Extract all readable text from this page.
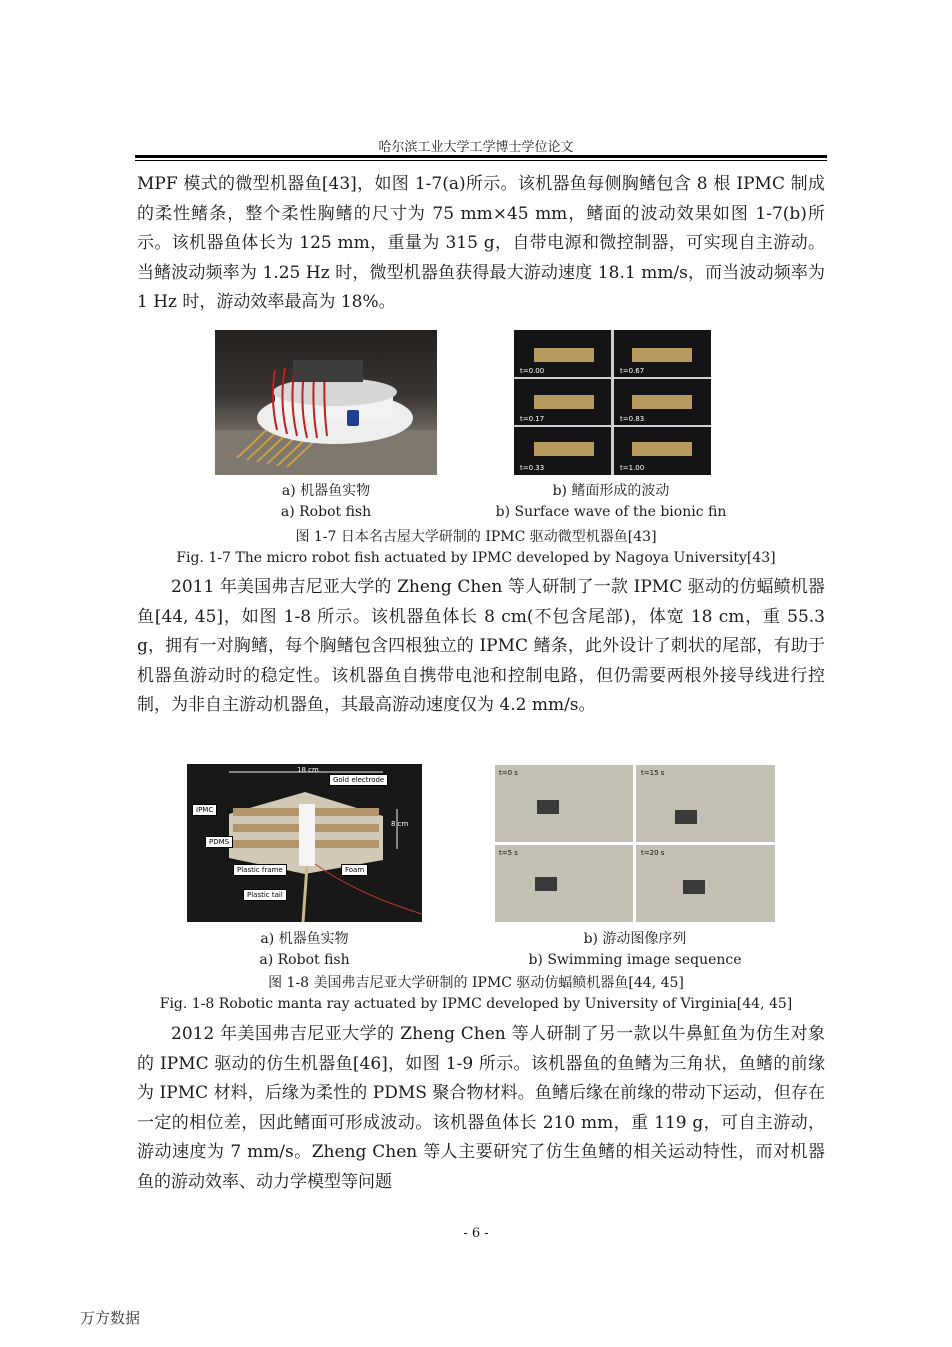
哈尔滨工业大学工学博士学位论文

MPF 模式的微型机器鱼[43]，如图 1-7(a)所示。该机器鱼每侧胸鳍包含 8 根 IPMC 制成的柔性鳍条，整个柔性胸鳍的尺寸为 75 mm×45 mm，鳍面的波动效果如图 1-7(b)所示。该机器鱼体长为 125 mm，重量为 315 g，自带电源和微控制器，可实现自主游动。当鳍波动频率为 1.25 Hz 时，微型机器鱼获得最大游动速度 18.1 mm/s，而当波动频率为 1 Hz 时，游动效率最高为 18%。

t=0.00	t=0.67
t=0.17	t=0.83
t=0.33	t=1.00
a) 机器鱼实物
a) Robot fish
b) 鳍面形成的波动
b) Surface wave of the bionic fin
图 1-7 日本名古屋大学研制的 IPMC 驱动微型机器鱼[43]
Fig. 1-7 The micro robot fish actuated by IPMC developed by Nagoya University[43]

2011 年美国弗吉尼亚大学的 Zheng Chen 等人研制了一款 IPMC 驱动的仿蝠鲼机器鱼[44, 45]，如图 1-8 所示。该机器鱼体长 8 cm(不包含尾部)，体宽 18 cm，重 55.3 g，拥有一对胸鳍，每个胸鳍包含四根独立的 IPMC 鳍条，此外设计了刺状的尾部，有助于机器鱼游动时的稳定性。该机器鱼自携带电池和控制电路，但仍需要两根外接导线进行控制，为非自主游动机器鱼，其最高游动速度仅为 4.2 mm/s。

18 cm
Gold electrode
IPMC
8 cm
PDMS
Plastic frame	Foam
Plastic tail
t=0 s	t=15 s
t=5 s	t=20 s
a) 机器鱼实物
a) Robot fish
b) 游动图像序列
b) Swimming image sequence
图 1-8 美国弗吉尼亚大学研制的 IPMC 驱动仿蝠鲼机器鱼[44, 45]
Fig. 1-8 Robotic manta ray actuated by IPMC developed by University of Virginia[44, 45]

2012 年美国弗吉尼亚大学的 Zheng Chen 等人研制了另一款以牛鼻魟鱼为仿生对象的 IPMC 驱动的仿生机器鱼[46]，如图 1-9 所示。该机器鱼的鱼鳍为三角状，鱼鳍的前缘为 IPMC 材料，后缘为柔性的 PDMS 聚合物材料。鱼鳍后缘在前缘的带动下运动，但存在一定的相位差，因此鳍面可形成波动。该机器鱼体长 210 mm，重 119 g，可自主游动，游动速度为 7 mm/s。Zheng Chen 等人主要研究了仿生鱼鳍的相关运动特性，而对机器鱼的游动效率、动力学模型等问题

- 6 -
万方数据
